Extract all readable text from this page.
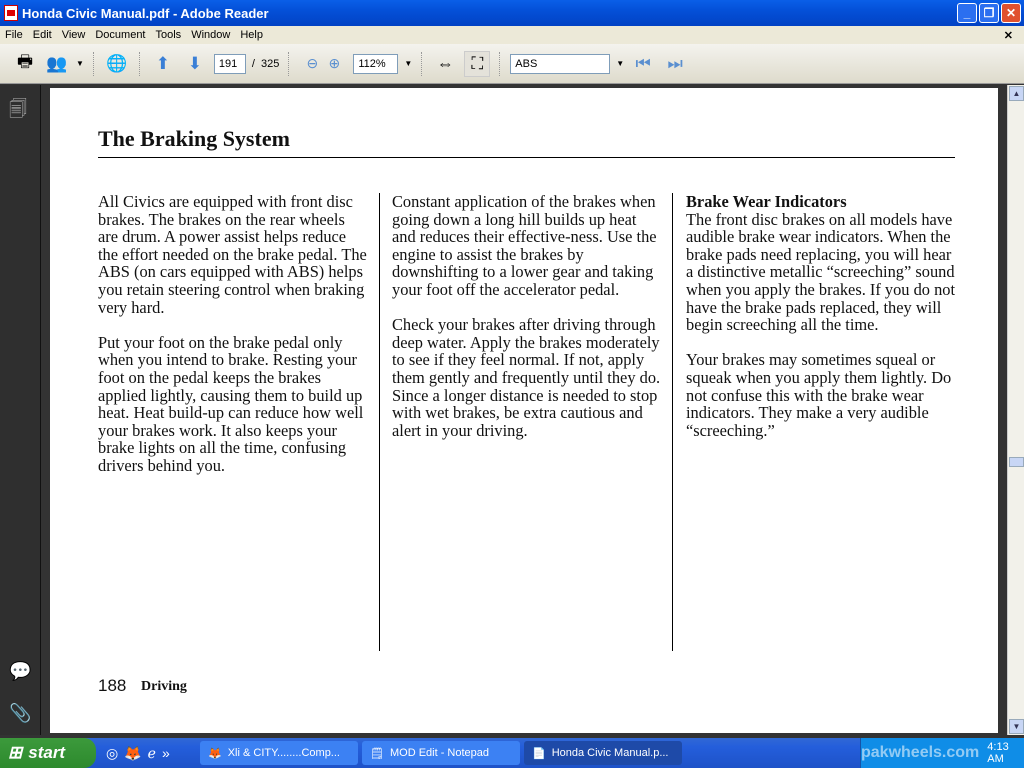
Honda Civic Manual.pdf - Adobe Reader	_	❐ ✕
File Edit View Document Tools Window Help	✕
🖶 👥	▼ 🌐	⬆	⬇	191	/ 325	⊖ ⊕	112%	▼ ⇔	⛶	ABS	▼ ⏮ ⏭
🗐
💬
📎
The Braking System

All Civics are equipped with front disc brakes. The brakes on the rear wheels are drum. A power assist helps reduce the effort needed on the brake pedal. The ABS (on cars equipped with ABS) helps you retain steering control when braking very hard.

Put your foot on the brake pedal only when you intend to brake. Resting your foot on the pedal keeps the brakes applied lightly, causing them to build up heat. Heat build-up can reduce how well your brakes work. It also keeps your brake lights on all the time, confusing drivers behind you.

Constant application of the brakes when going down a long hill builds up heat and reduces their effective-ness. Use the engine to assist the brakes by downshifting to a lower gear and taking your foot off the accelerator pedal.

Check your brakes after driving through deep water. Apply the brakes moderately to see if they feel normal. If not, apply them gently and frequently until they do. Since a longer distance is needed to stop with wet brakes, be extra cautious and alert in your driving.

Brake Wear Indicators

The front disc brakes on all models have audible brake wear indicators. When the brake pads need replacing, you will hear a distinctive metallic “screeching” sound when you apply the brakes. If you do not have the brake pads replaced, they will begin screeching all the time.

Your brakes may sometimes squeal or squeak when you apply them lightly. Do not confuse this with the brake wear indicators. They make a very audible “screeching.”

188 Driving
▲
▼
⊞ start	◎ 🦊 ℯ »	🦊 Xli & CITY........Comp...	🗒 MOD Edit - Notepad	📄 Honda Civic Manual.p...	pakwheels.com 4:13 AM
